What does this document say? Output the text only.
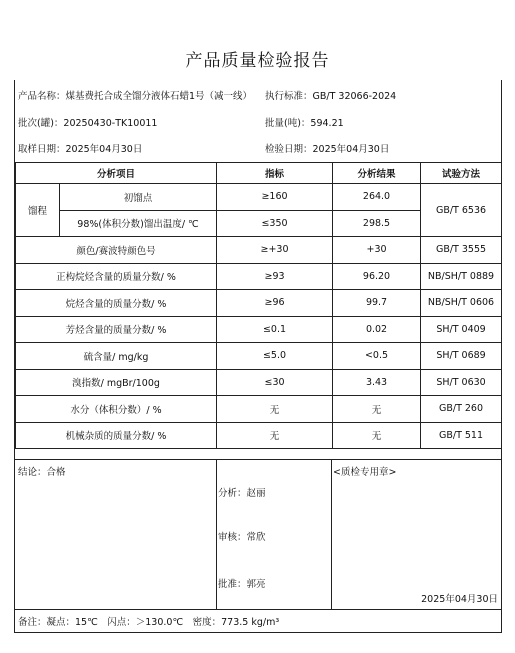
产品质量检验报告
产品名称：煤基费托合成全馏分液体石蜡1号（减一线） 执行标准：GB/T 32066-2024
批次(罐)：20250430-TK10011	批量(吨)：594.21
取样日期：2025年04月30日	检验日期：2025年04月30日
分析项目		指标	分析结果	试验方法
馏程	初馏点	≥160	264.0	GB/T 6536
	98%(体积分数)馏出温度/ ℃	≤350	298.5	
颜色/赛波特颜色号		≥+30	+30	GB/T 3555
正构烷烃含量的质量分数/ %		≥93	96.20	NB/SH/T 0889
烷烃含量的质量分数/ %		≥96	99.7	NB/SH/T 0606
芳烃含量的质量分数/ %		≤0.1	0.02	SH/T 0409
硫含量/ mg/kg		≤5.0	<0.5	SH/T 0689
溴指数/ mgBr/100g		≤30	3.43	SH/T 0630
水分（体积分数）/ %		无	无	GB/T 260
机械杂质的质量分数/ %		无	无	GB/T 511
结论：合格
分析：赵丽
审核：常欣
批准：郭亮
<质检专用章>
2025年04月30日
备注：凝点：15℃　闪点：＞130.0℃　密度：773.5 kg/m³
